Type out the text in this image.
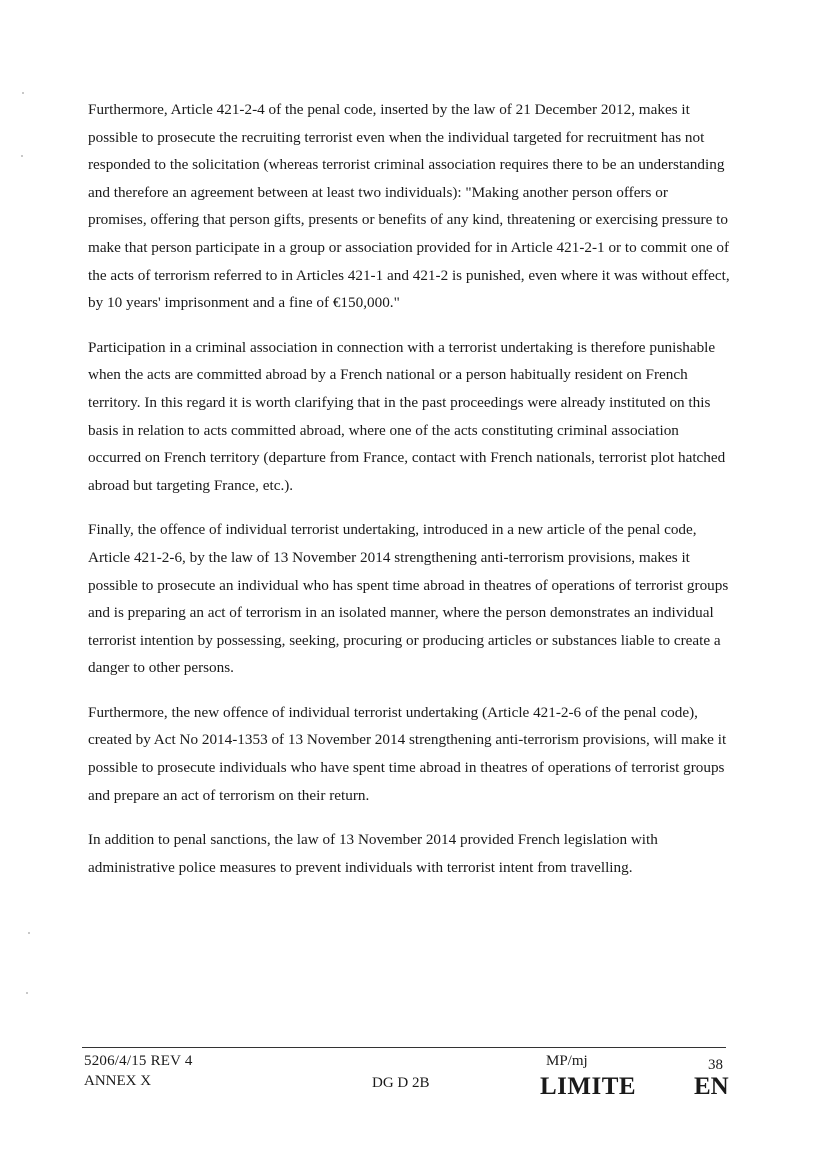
Furthermore, Article 421-2-4 of the penal code, inserted by the law of 21 December 2012, makes it possible to prosecute the recruiting terrorist even when the individual targeted for recruitment has not responded to the solicitation (whereas terrorist criminal association requires there to be an understanding and therefore an agreement between at least two individuals): "Making another person offers or promises, offering that person gifts, presents or benefits of any kind, threatening or exercising pressure to make that person participate in a group or association provided for in Article 421-2-1 or to commit one of the acts of terrorism referred to in Articles 421-1 and 421-2 is punished, even where it was without effect, by 10 years' imprisonment and a fine of €150,000."

Participation in a criminal association in connection with a terrorist undertaking is therefore punishable when the acts are committed abroad by a French national or a person habitually resident on French territory. In this regard it is worth clarifying that in the past proceedings were already instituted on this basis in relation to acts committed abroad, where one of the acts constituting criminal association occurred on French territory (departure from France, contact with French nationals, terrorist plot hatched abroad but targeting France, etc.).

Finally, the offence of individual terrorist undertaking, introduced in a new article of the penal code, Article 421-2-6, by the law of 13 November 2014 strengthening anti-terrorism provisions, makes it possible to prosecute an individual who has spent time abroad in theatres of operations of terrorist groups and is preparing an act of terrorism in an isolated manner, where the person demonstrates an individual terrorist intention by possessing, seeking, procuring or producing articles or substances liable to create a danger to other persons.

Furthermore, the new offence of individual terrorist undertaking (Article 421-2-6 of the penal code), created by Act No 2014-1353 of 13 November 2014 strengthening anti-terrorism provisions, will make it possible to prosecute individuals who have spent time abroad in theatres of operations of terrorist groups and prepare an act of terrorism on their return.

In addition to penal sanctions, the law of 13 November 2014 provided French legislation with administrative police measures to prevent individuals with terrorist intent from travelling.

5206/4/15 REV 4
ANNEX X	DG D 2B
MP/mj	38
LIMITE EN
